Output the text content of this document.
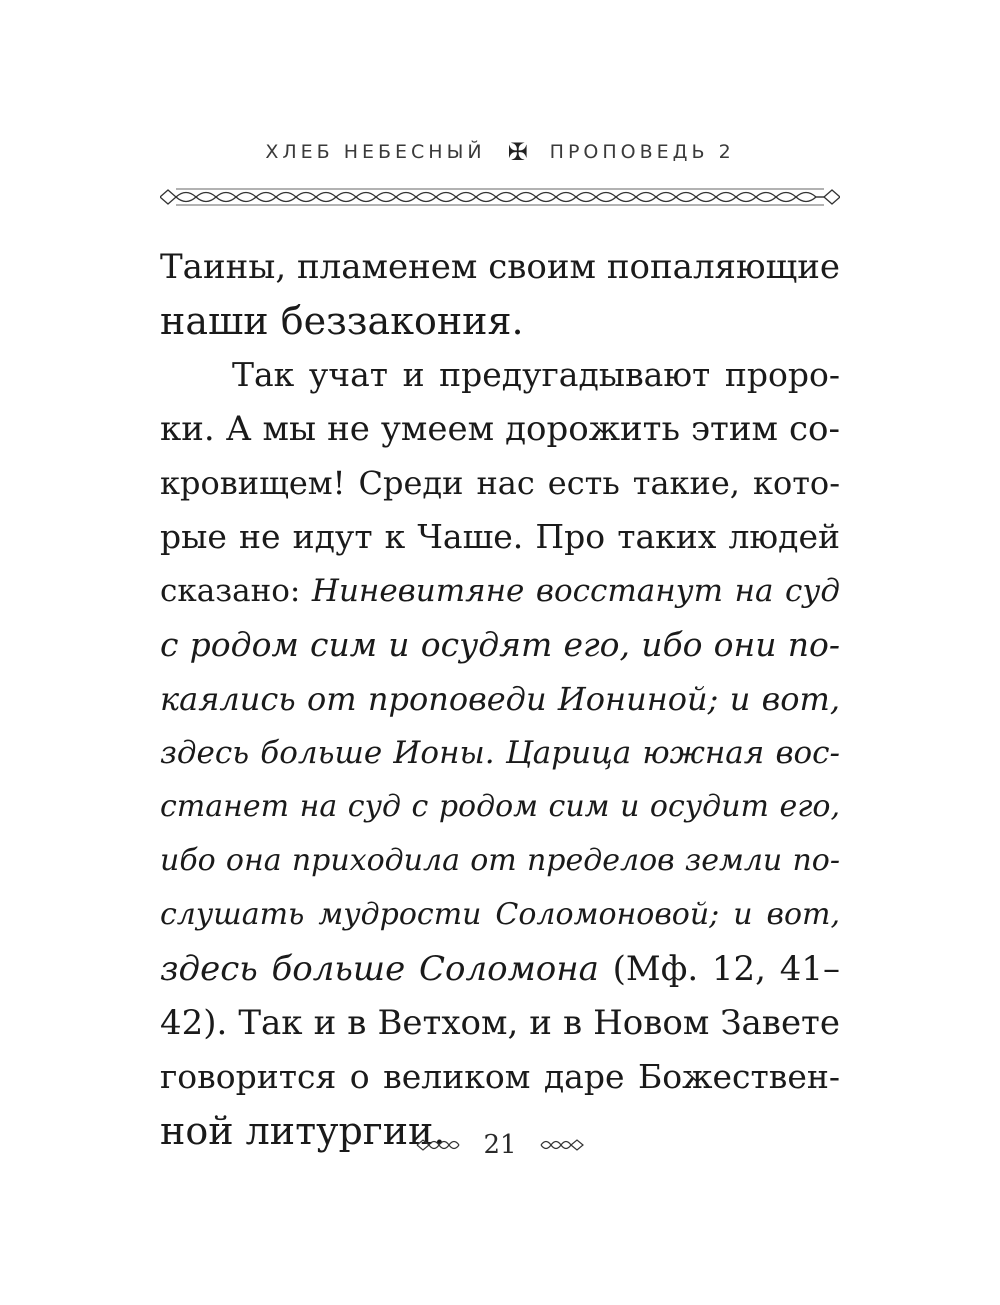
ХЛЕБ НЕБЕСНЫЙ ✠ ПРОПОВЕДЬ 2
Таины, пламенем своим попаляющие
наши беззакония.
Так учат и предугадывают проро-
ки. А мы не умеем дорожить этим со-
кровищем! Среди нас есть такие, кото-
рые не идут к Чаше. Про таких людей
сказано: Ниневитяне восстанут на суд
с родом сим и осудят его, ибо они по-
каялись от проповеди Иониной; и вот,
здесь больше Ионы. Царица южная вос-
станет на суд с родом сим и осудит его,
ибо она приходила от пределов земли по-
слушать мудрости Соломоновой; и вот,
здесь больше Соломона (Мф. 12, 41–
42). Так и в Ветхом, и в Новом Завете
говорится о великом даре Божествен-
ной литургии.	21
